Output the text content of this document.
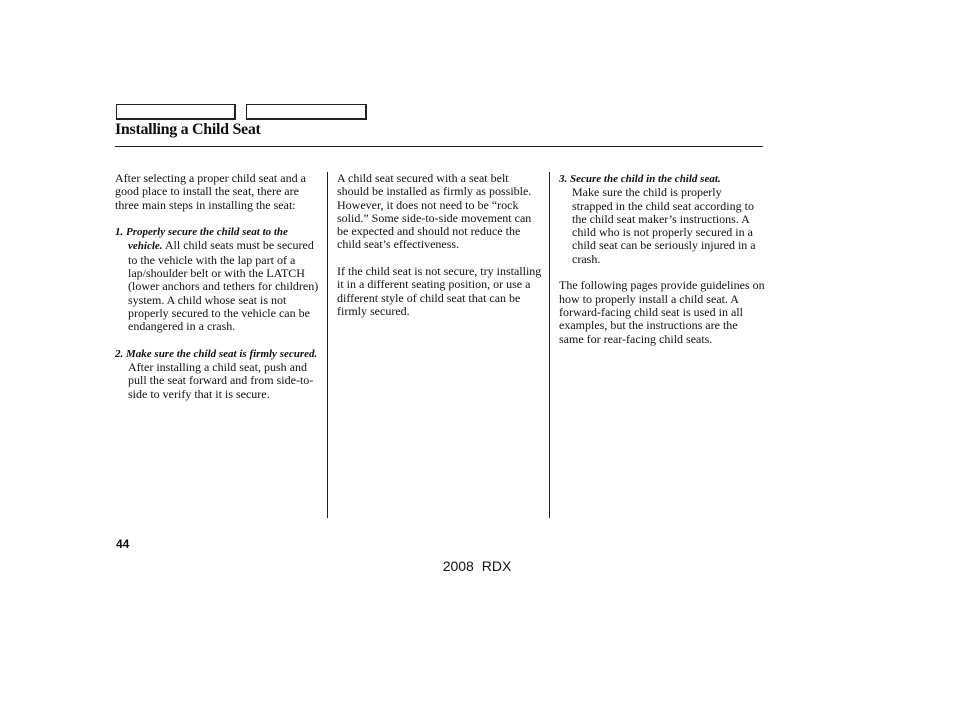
Installing a Child Seat

After selecting a proper child seat and a good place to install the seat, there are three main steps in installing the seat:

1. Properly secure the child seat to the vehicle. All child seats must be secured to the vehicle with the lap part of a lap/shoulder belt or with the LATCH (lower anchors and tethers for children) system. A child whose seat is not properly secured to the vehicle can be endangered in a crash.

2. Make sure the child seat is firmly secured. After installing a child seat, push and pull the seat forward and from side-to-side to verify that it is secure.

A child seat secured with a seat belt should be installed as firmly as possible. However, it does not need to be “rock solid.” Some side-to-side movement can be expected and should not reduce the child seat’s effectiveness.

If the child seat is not secure, try installing it in a different seating position, or use a different style of child seat that can be firmly secured.

3. Secure the child in the child seat.
Make sure the child is properly strapped in the child seat according to the child seat maker’s instructions. A child who is not properly secured in a child seat can be seriously injured in a crash.

The following pages provide guidelines on how to properly install a child seat. A forward-facing child seat is used in all examples, but the instructions are the same for rear-facing child seats.

44
2008 RDX
